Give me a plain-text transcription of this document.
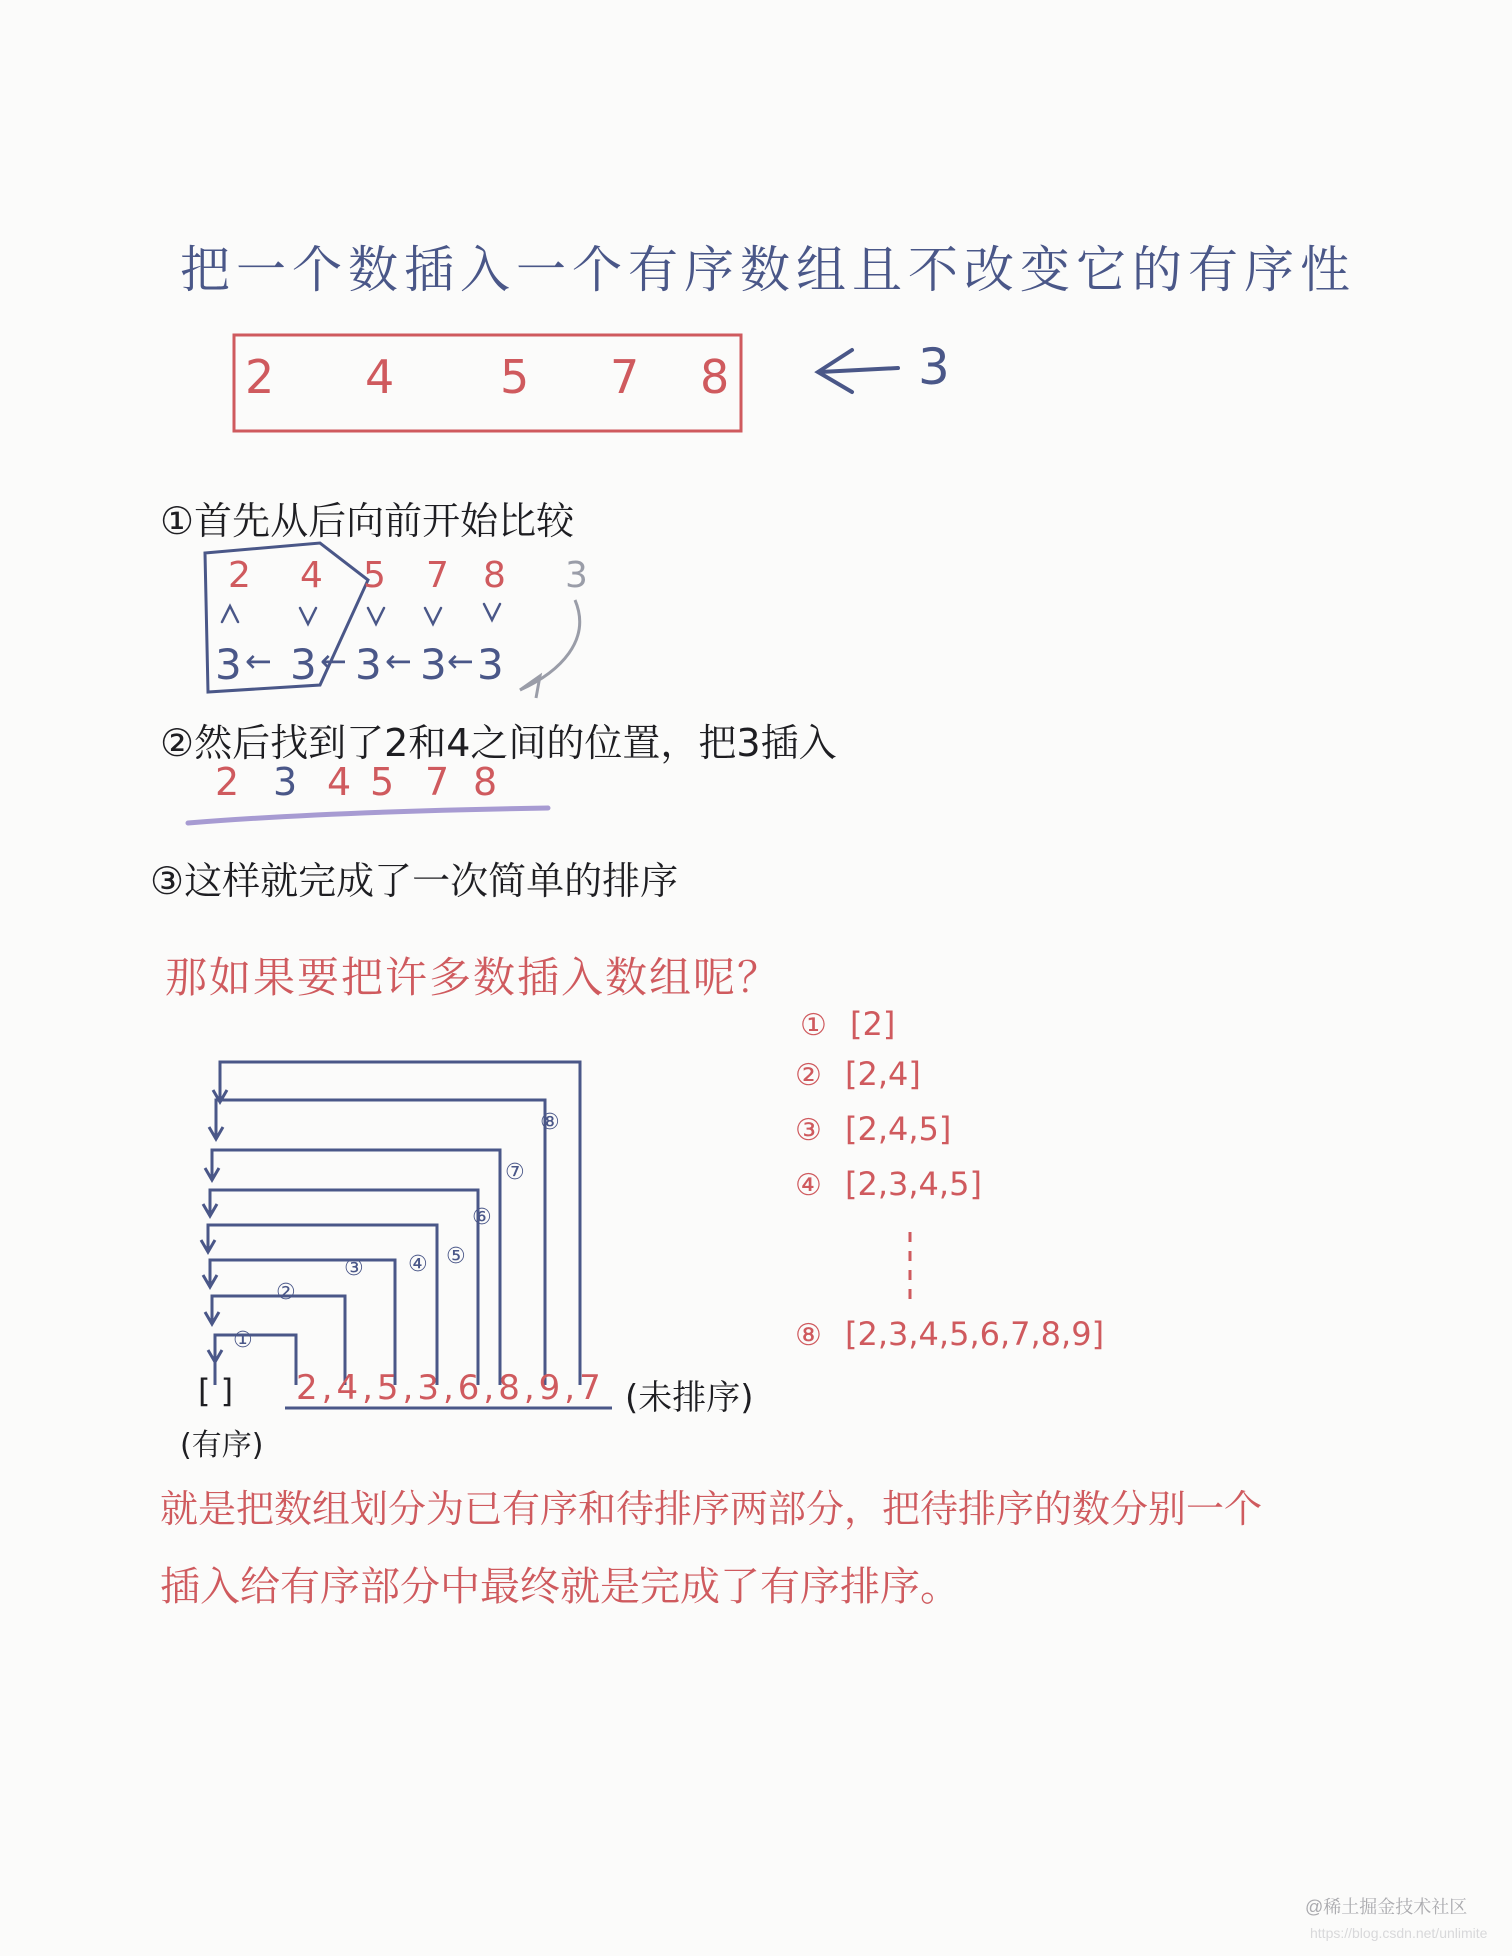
把一个数插入一个有序数组且不改变它的有序性
2 4 5 7 8	3
①首先从后向前开始比较
2 4 5 7 8 3
3 3 3 3 3
← ← ← ←
②然后找到了2和4之间的位置，把3插入
2 3 4 5 7 8
③这样就完成了一次简单的排序
那如果要把许多数插入数组呢？
① [2]
② [2,4]
③ [2,4,5]
④ [2,3,4,5]
⑧ [2,3,4,5,6,7,8,9]
①
②
③ ④ ⑤
⑥
⑦
⑧
[ ]
(有序)
2,4,5,3,6,8,9,7 (未排序)
就是把数组划分为已有序和待排序两部分，把待排序的数分别一个
插入给有序部分中最终就是完成了有序排序。
@稀土掘金技术社区
https://blog.csdn.net/unlimite
